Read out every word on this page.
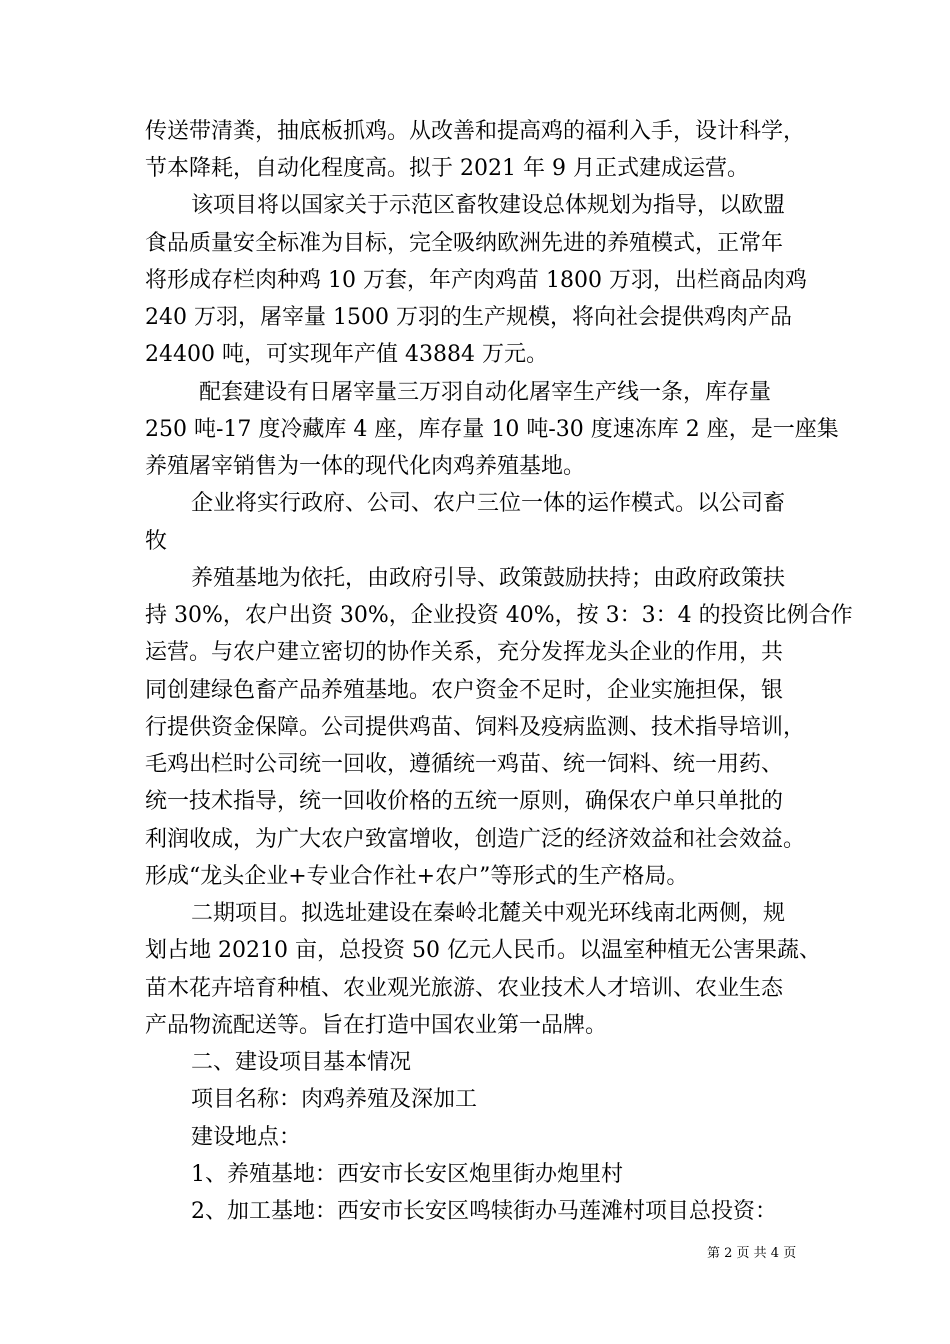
传送带清粪，抽底板抓鸡。从改善和提高鸡的福利入手，设计科学，
节本降耗，自动化程度高。拟于 2021 年 9 月正式建成运营。
该项目将以国家关于示范区畜牧建设总体规划为指导，以欧盟
食品质量安全标准为目标，完全吸纳欧洲先进的养殖模式，正常年
将形成存栏肉种鸡 10 万套，年产肉鸡苗 1800 万羽，出栏商品肉鸡
240 万羽，屠宰量 1500 万羽的生产规模，将向社会提供鸡肉产品
24400 吨，可实现年产值 43884 万元。
配套建设有日屠宰量三万羽自动化屠宰生产线一条，库存量
250 吨-17 度冷藏库 4 座，库存量 10 吨-30 度速冻库 2 座，是一座集
养殖屠宰销售为一体的现代化肉鸡养殖基地。
企业将实行政府、公司、农户三位一体的运作模式。以公司畜
牧
养殖基地为依托，由政府引导、政策鼓励扶持；由政府政策扶
持 30%，农户出资 30%，企业投资 40%，按 3：3：4 的投资比例合作
运营。与农户建立密切的协作关系，充分发挥龙头企业的作用，共
同创建绿色畜产品养殖基地。农户资金不足时，企业实施担保，银
行提供资金保障。公司提供鸡苗、饲料及疫病监测、技术指导培训，
毛鸡出栏时公司统一回收，遵循统一鸡苗、统一饲料、统一用药、
统一技术指导，统一回收价格的五统一原则，确保农户单只单批的
利润收成，为广大农户致富增收，创造广泛的经济效益和社会效益。
形成“龙头企业+专业合作社+农户”等形式的生产格局。
二期项目。拟选址建设在秦岭北麓关中观光环线南北两侧，规
划占地 20210 亩，总投资 50 亿元人民币。以温室种植无公害果蔬、
苗木花卉培育种植、农业观光旅游、农业技术人才培训、农业生态
产品物流配送等。旨在打造中国农业第一品牌。
二、建设项目基本情况
项目名称：肉鸡养殖及深加工
建设地点：
1、养殖基地：西安市长安区炮里街办炮里村
2、加工基地：西安市长安区鸣犊街办马莲滩村项目总投资：
第 2 页 共 4 页
